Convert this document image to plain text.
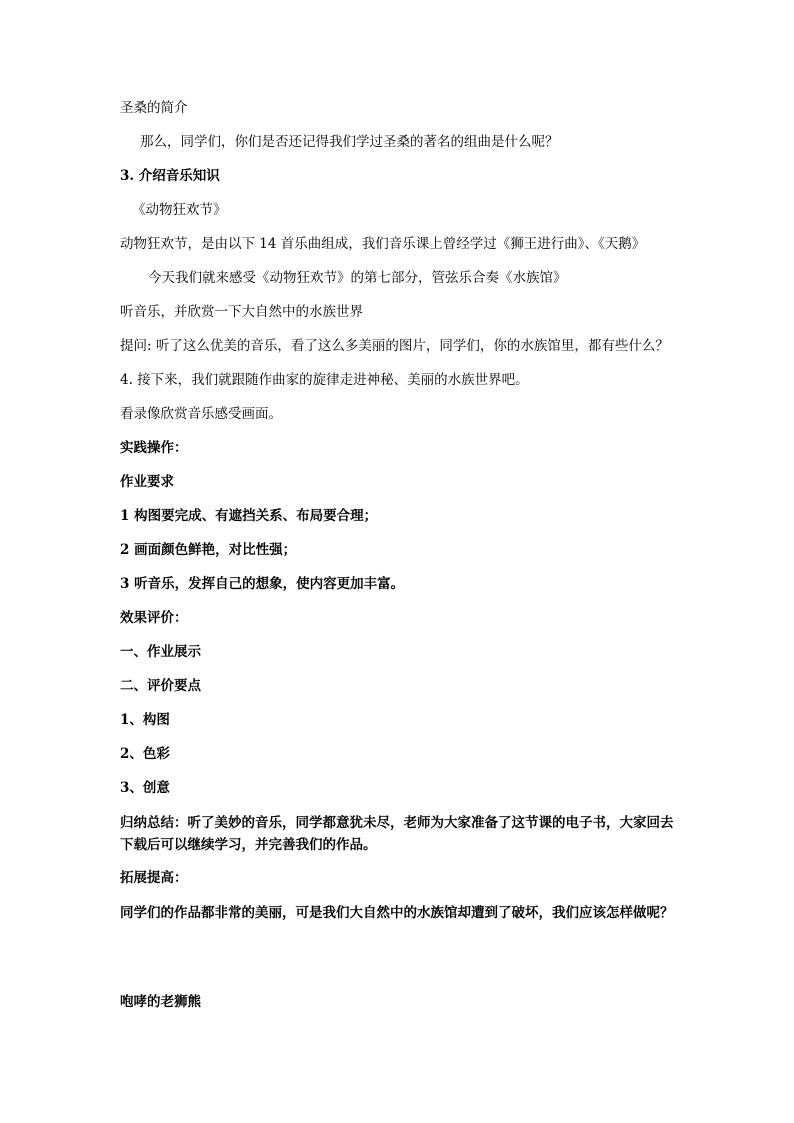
圣桑的简介

那么，同学们，你们是否还记得我们学过圣桑的著名的组曲是什么呢？

3. 介绍音乐知识

《动物狂欢节》

动物狂欢节，是由以下 14 首乐曲组成，我们音乐课上曾经学过《狮王进行曲》、《天鹅》

今天我们就来感受《动物狂欢节》的第七部分，管弦乐合奏《水族馆》

听音乐，并欣赏一下大自然中的水族世界

提问: 听了这么优美的音乐，看了这么多美丽的图片，同学们，你的水族馆里，都有些什么？

4. 接下来，我们就跟随作曲家的旋律走进神秘、美丽的水族世界吧。

看录像欣赏音乐感受画面。

实践操作：

作业要求

1 构图要完成、有遮挡关系、布局要合理；

2 画面颜色鲜艳，对比性强；

3 听音乐，发挥自己的想象，使内容更加丰富。

效果评价：

一、作业展示

二、评价要点

1、构图

2、色彩

3、创意

归纳总结：听了美妙的音乐，同学都意犹未尽，老师为大家准备了这节课的电子书，大家回去下载后可以继续学习，并完善我们的作品。

拓展提高：

同学们的作品都非常的美丽，可是我们大自然中的水族馆却遭到了破坏，我们应该怎样做呢？

咆哮的老狮熊
